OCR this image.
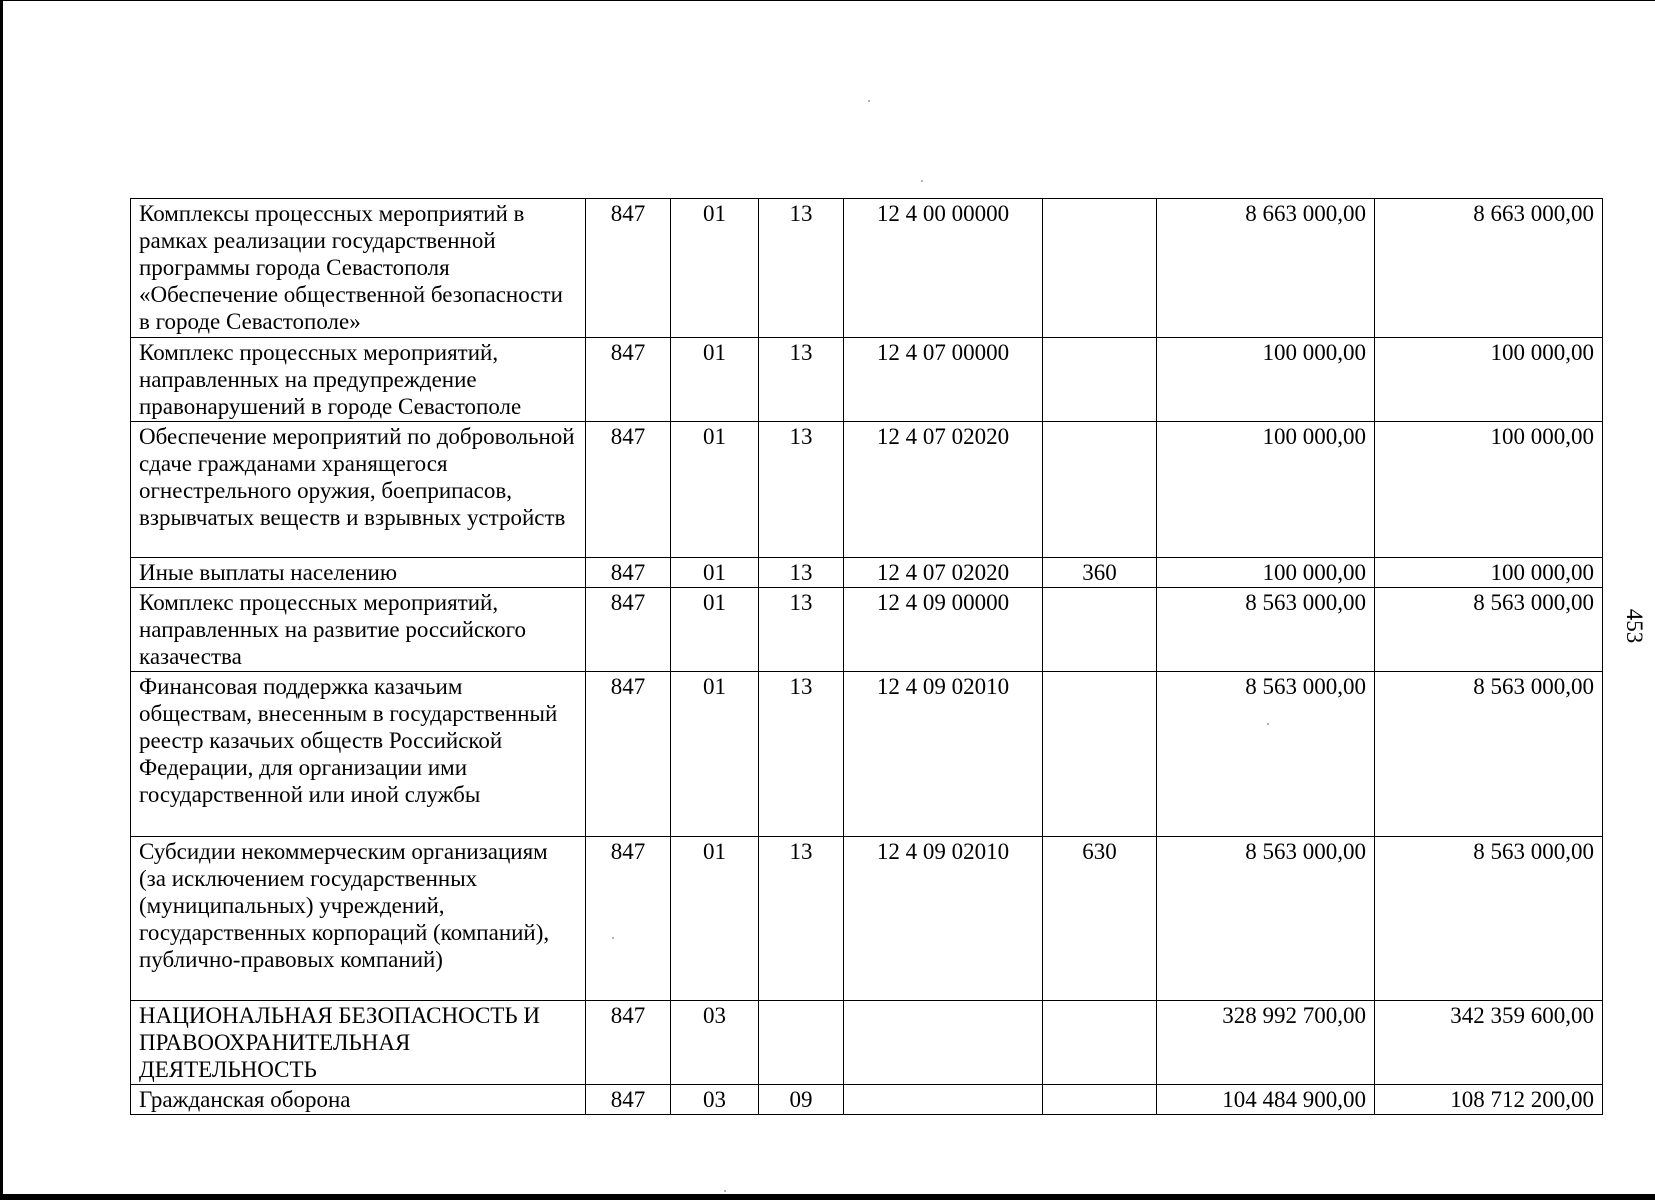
Комплексы процессных мероприятий в рамках реализации государственной программы города Севастополя «Обеспечение общественной безопасности в городе Севастополе»	847	01	13	12 4 00 00000		8 663 000,00	8 663 000,00
Комплекс процессных мероприятий, направленных на предупреждение правонарушений в городе Севастополе	847	01	13	12 4 07 00000		100 000,00	100 000,00
Обеспечение мероприятий по добровольной сдаче гражданами хранящегося огнестрельного оружия, боеприпасов, взрывчатых веществ и взрывных устройств	847	01	13	12 4 07 02020		100 000,00	100 000,00
Иные выплаты населению	847	01	13	12 4 07 02020	360	100 000,00	100 000,00
Комплекс процессных мероприятий, направленных на развитие российского казачества	847	01	13	12 4 09 00000		8 563 000,00	8 563 000,00
Финансовая поддержка казачьим обществам, внесенным в государственный реестр казачьих обществ Российской Федерации, для организации ими государственной или иной службы	847	01	13	12 4 09 02010		8 563 000,00	8 563 000,00
Субсидии некоммерческим организациям (за исключением государственных (муниципальных) учреждений, государственных корпораций (компаний), публично-правовых компаний)	847	01	13	12 4 09 02010	630	8 563 000,00	8 563 000,00
НАЦИОНАЛЬНАЯ БЕЗОПАСНОСТЬ И ПРАВООХРАНИТЕЛЬНАЯ ДЕЯТЕЛЬНОСТЬ	847	03				328 992 700,00	342 359 600,00
Гражданская оборона	847	03	09			104 484 900,00	108 712 200,00
453
